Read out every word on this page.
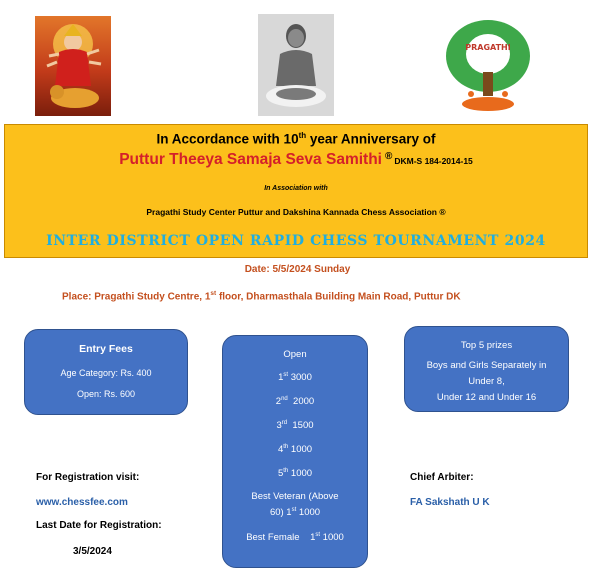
PRAGATHI
In Accordance with 10th year Anniversary of
Puttur Theeya Samaja Seva Samithi ® DKM-S 184-2014-15
In Association with
Pragathi Study Center Puttur and Dakshina Kannada Chess Association ®
INTER DISTRICT OPEN RAPID CHESS TOURNAMENT 2024
Date: 5/5/2024 Sunday
Place: Pragathi Study Centre, 1st floor, Dharmasthala Building Main Road, Puttur DK
Entry Fees
Age Category: Rs. 400
Open: Rs. 600
Open
1st 3000
2nd  2000
3rd  1500
4th 1000
5th 1000
Best Veteran (Above
60) 1st 1000
Best Female    1st 1000
Top 5 prizes
Boys and Girls Separately in
Under 8,
Under 12 and Under 16
For Registration visit:
www.chessfee.com
Last Date for Registration:
3/5/2024
Chief Arbiter:
FA Sakshath U K
